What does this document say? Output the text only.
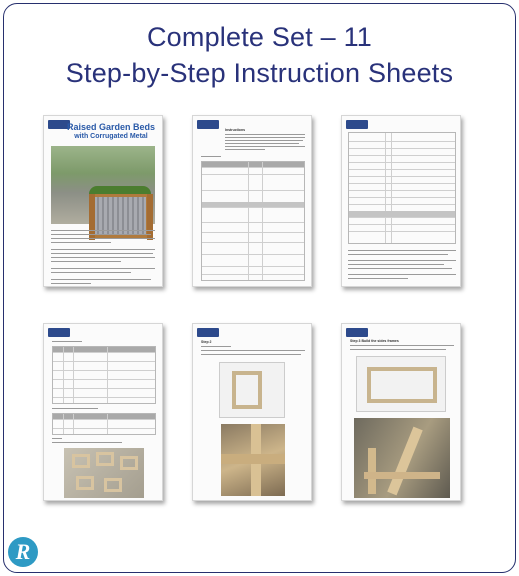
Complete Set – 11
Step-by-Step Instruction Sheets
Raised Garden Beds
with Corrugated Metal
Instructions
Step 2	Step 3 Build the sides frames
R
